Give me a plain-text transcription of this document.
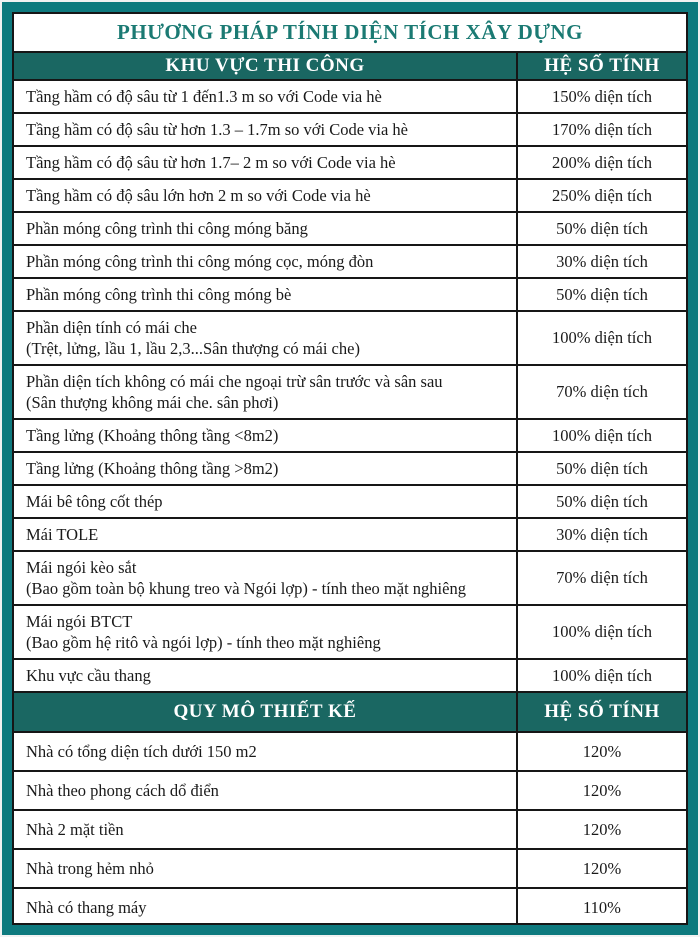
PHƯƠNG PHÁP TÍNH DIỆN TÍCH XÂY DỰNG
KHU VỰC THI CÔNG	HỆ SỐ TÍNH

Tầng hầm có độ sâu từ 1 đến1.3 m so với Code via hè	150% diện tích

Tầng hầm có độ sâu từ hơn 1.3 – 1.7m so với Code via hè	170% diện tích

Tầng hầm có độ sâu từ hơn 1.7– 2 m so với Code via hè	200% diện tích

Tầng hầm có độ sâu lớn hơn 2 m so với Code via hè	250% diện tích

Phần móng công trình thi công móng băng	50% diện tích

Phần móng công trình thi công móng cọc, móng đòn	30% diện tích

Phần móng công trình thi công móng bè	50% diện tích

Phần diện tính có mái che
(Trệt, lửng, lầu 1, lầu 2,3...Sân thượng có mái che)	100% diện tích

Phần diện tích không có mái che ngoại trừ sân trước và sân sau
(Sân thượng không mái che. sân phơi)	70% diện tích

Tầng lửng (Khoảng thông tầng <8m2)	100% diện tích

Tầng lửng (Khoảng thông tầng >8m2)	50% diện tích

Mái bê tông cốt thép	50% diện tích

Mái TOLE	30% diện tích

Mái ngói kèo sắt
(Bao gồm toàn bộ khung treo và Ngói lợp) - tính theo mặt nghiêng	70% diện tích

Mái ngói BTCT
(Bao gồm hệ ritô và ngói lợp) - tính theo mặt nghiêng	100% diện tích

Khu vực cầu thang	100% diện tích
QUY MÔ THIẾT KẾ	HỆ SỐ TÍNH

Nhà có tổng diện tích dưới 150 m2	120%

Nhà theo phong cách dổ điển	120%

Nhà 2 mặt tiền	120%

Nhà trong hẻm nhỏ	120%

Nhà có thang máy	110%
